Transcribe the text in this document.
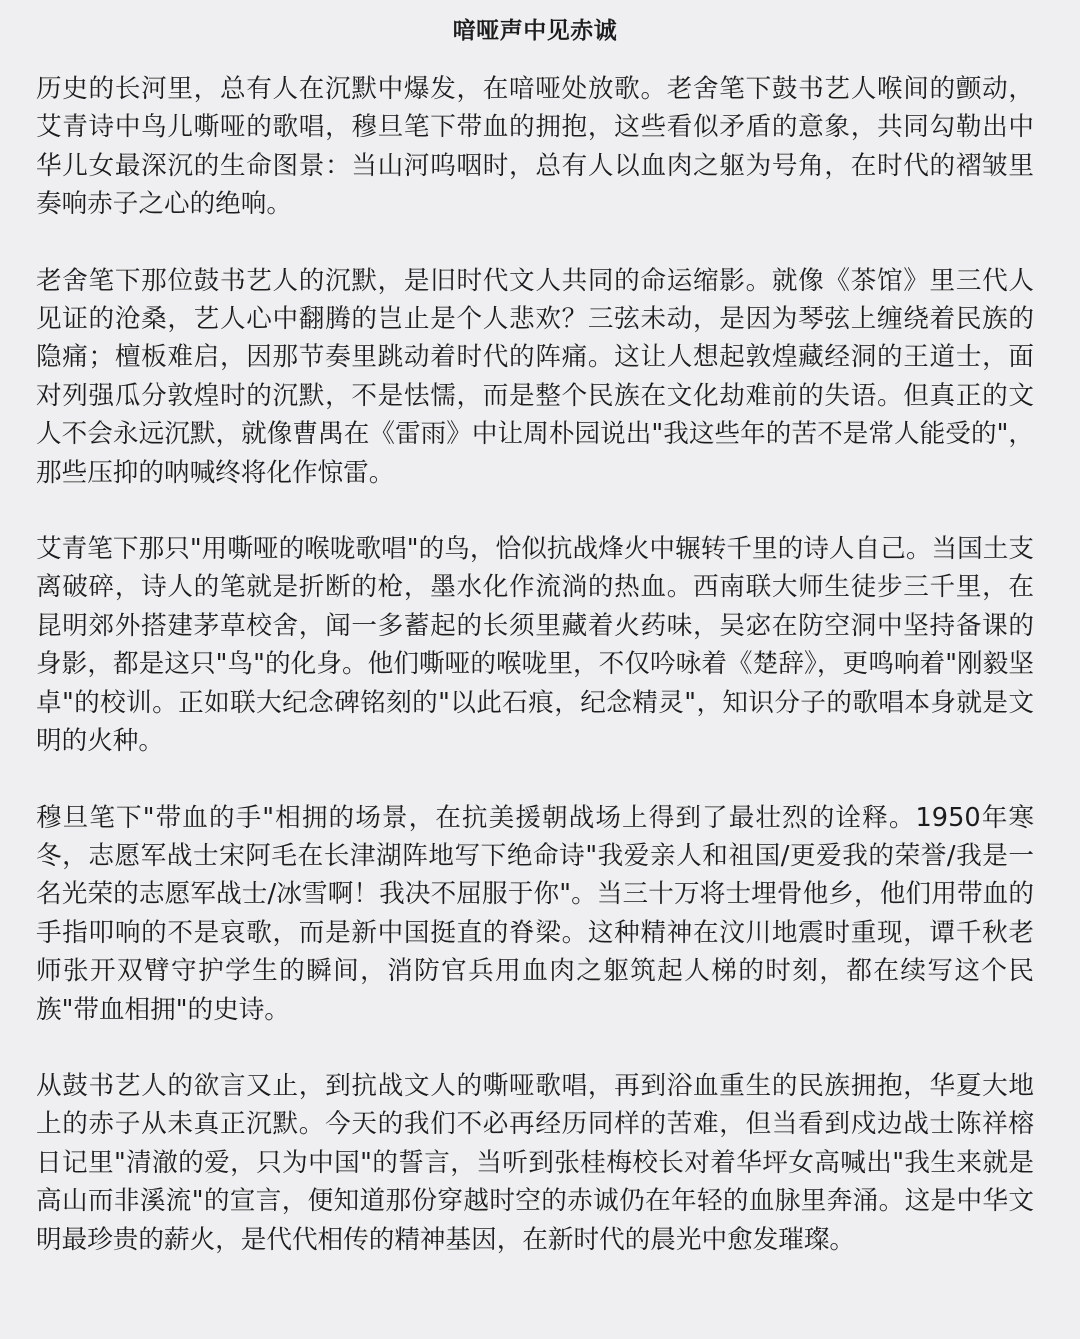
喑哑声中见赤诚
历史的长河里，总有人在沉默中爆发，在喑哑处放歌。老舍笔下鼓书艺人喉间的颤动，艾青诗中鸟儿嘶哑的歌唱，穆旦笔下带血的拥抱，这些看似矛盾的意象，共同勾勒出中华儿女最深沉的生命图景：当山河呜咽时，总有人以血肉之躯为号角，在时代的褶皱里奏响赤子之心的绝响。
老舍笔下那位鼓书艺人的沉默，是旧时代文人共同的命运缩影。就像《茶馆》里三代人见证的沧桑，艺人心中翻腾的岂止是个人悲欢？三弦未动，是因为琴弦上缠绕着民族的隐痛；檀板难启，因那节奏里跳动着时代的阵痛。这让人想起敦煌藏经洞的王道士，面对列强瓜分敦煌时的沉默，不是怯懦，而是整个民族在文化劫难前的失语。但真正的文人不会永远沉默，就像曹禺在《雷雨》中让周朴园说出"我这些年的苦不是常人能受的"，那些压抑的呐喊终将化作惊雷。
艾青笔下那只"用嘶哑的喉咙歌唱"的鸟，恰似抗战烽火中辗转千里的诗人自己。当国土支离破碎，诗人的笔就是折断的枪，墨水化作流淌的热血。西南联大师生徒步三千里，在昆明郊外搭建茅草校舍，闻一多蓄起的长须里藏着火药味，吴宓在防空洞中坚持备课的身影，都是这只"鸟"的化身。他们嘶哑的喉咙里，不仅吟咏着《楚辞》，更鸣响着"刚毅坚卓"的校训。正如联大纪念碑铭刻的"以此石痕，纪念精灵"，知识分子的歌唱本身就是文明的火种。
穆旦笔下"带血的手"相拥的场景，在抗美援朝战场上得到了最壮烈的诠释。1950年寒冬，志愿军战士宋阿毛在长津湖阵地写下绝命诗"我爱亲人和祖国/更爱我的荣誉/我是一名光荣的志愿军战士/冰雪啊！我决不屈服于你"。当三十万将士埋骨他乡，他们用带血的手指叩响的不是哀歌，而是新中国挺直的脊梁。这种精神在汶川地震时重现，谭千秋老师张开双臂守护学生的瞬间，消防官兵用血肉之躯筑起人梯的时刻，都在续写这个民族"带血相拥"的史诗。
从鼓书艺人的欲言又止，到抗战文人的嘶哑歌唱，再到浴血重生的民族拥抱，华夏大地上的赤子从未真正沉默。今天的我们不必再经历同样的苦难，但当看到戍边战士陈祥榕日记里"清澈的爱，只为中国"的誓言，当听到张桂梅校长对着华坪女高喊出"我生来就是高山而非溪流"的宣言，便知道那份穿越时空的赤诚仍在年轻的血脉里奔涌。这是中华文明最珍贵的薪火，是代代相传的精神基因，在新时代的晨光中愈发璀璨。
